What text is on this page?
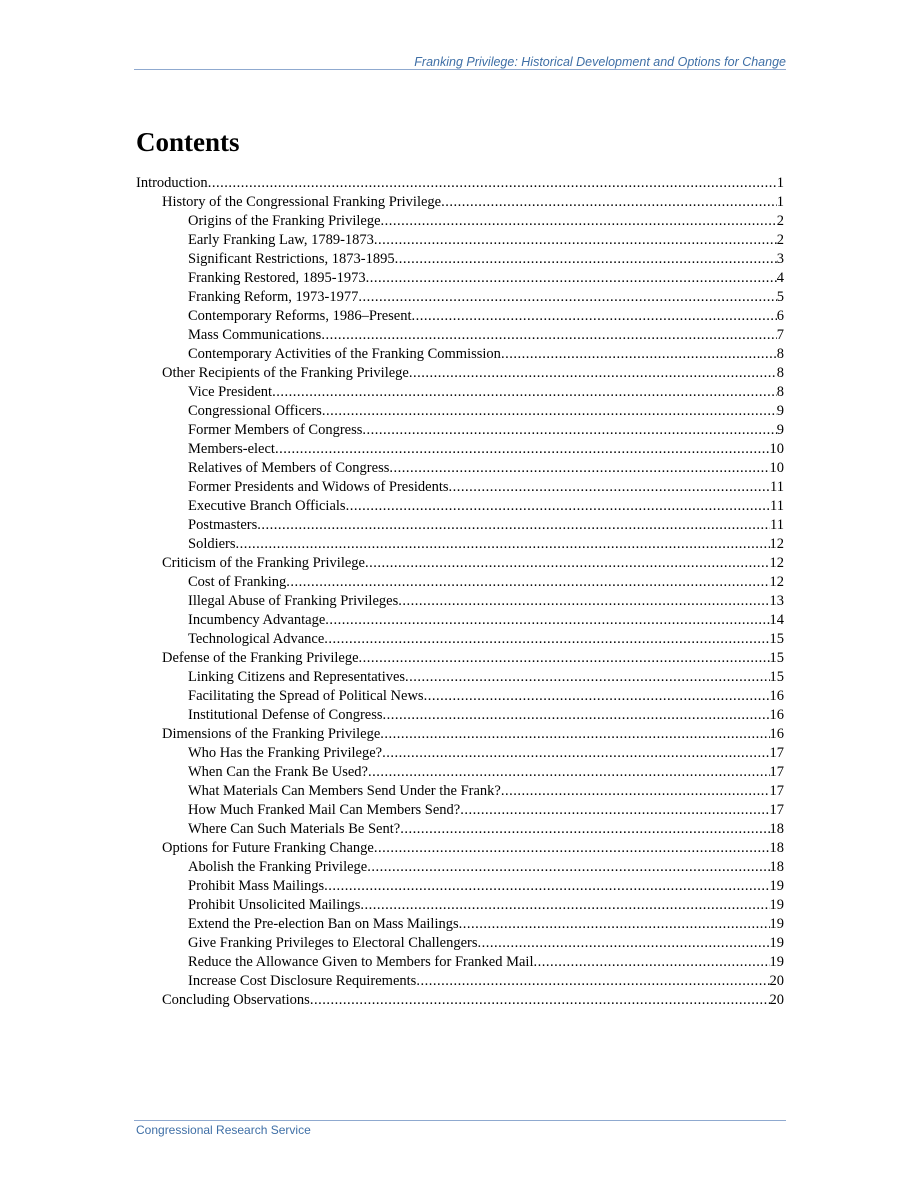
Franking Privilege: Historical Development and Options for Change
Contents
Introduction .....	1
History of the Congressional Franking Privilege .....	1
Origins of the Franking Privilege .....	2
Early Franking Law, 1789-1873 .....	2
Significant Restrictions, 1873-1895 .....	3
Franking Restored, 1895-1973 .....	4
Franking Reform, 1973-1977 .....	5
Contemporary Reforms, 1986–Present .....	6
Mass Communications .....	7
Contemporary Activities of the Franking Commission .....	8
Other Recipients of the Franking Privilege .....	8
Vice President .....	8
Congressional Officers .....	9
Former Members of Congress .....	9
Members-elect .....	10
Relatives of Members of Congress .....	10
Former Presidents and Widows of Presidents .....	11
Executive Branch Officials .....	11
Postmasters .....	11
Soldiers .....	12
Criticism of the Franking Privilege .....	12
Cost of Franking .....	12
Illegal Abuse of Franking Privileges .....	13
Incumbency Advantage .....	14
Technological Advance .....	15
Defense of the Franking Privilege .....	15
Linking Citizens and Representatives .....	15
Facilitating the Spread of Political News .....	16
Institutional Defense of Congress .....	16
Dimensions of the Franking Privilege .....	16
Who Has the Franking Privilege? .....	17
When Can the Frank Be Used? .....	17
What Materials Can Members Send Under the Frank? .....	17
How Much Franked Mail Can Members Send? .....	17
Where Can Such Materials Be Sent? .....	18
Options for Future Franking Change .....	18
Abolish the Franking Privilege .....	18
Prohibit Mass Mailings .....	19
Prohibit Unsolicited Mailings .....	19
Extend the Pre-election Ban on Mass Mailings .....	19
Give Franking Privileges to Electoral Challengers .....	19
Reduce the Allowance Given to Members for Franked Mail .....	19
Increase Cost Disclosure Requirements .....	20
Concluding Observations .....	20
Congressional Research Service
